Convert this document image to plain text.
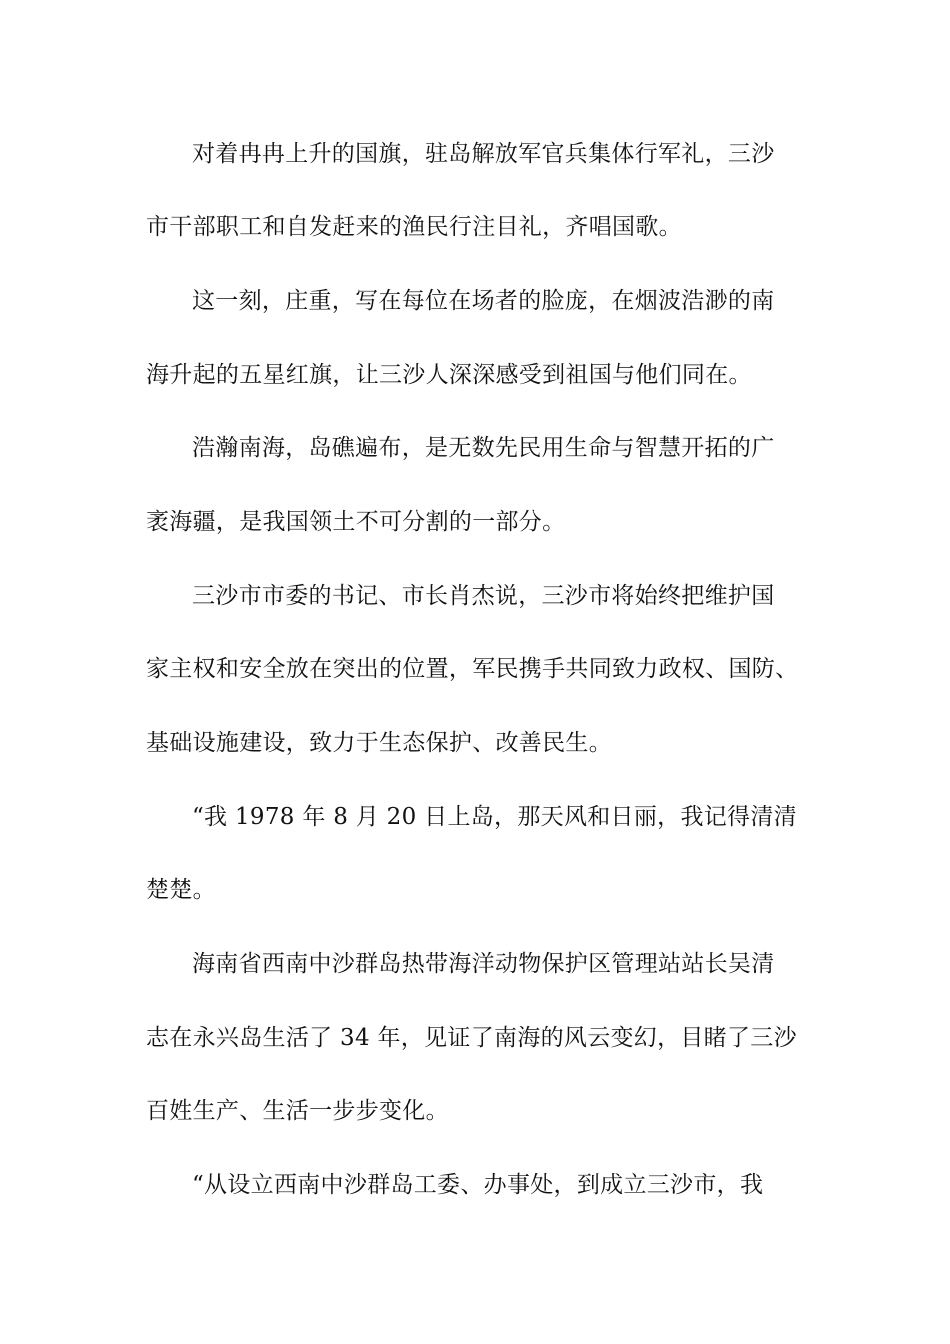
对着冉冉上升的国旗，驻岛解放军官兵集体行军礼，三沙
市干部职工和自发赶来的渔民行注目礼，齐唱国歌。
这一刻，庄重，写在每位在场者的脸庞，在烟波浩渺的南
海升起的五星红旗，让三沙人深深感受到祖国与他们同在。
浩瀚南海，岛礁遍布，是无数先民用生命与智慧开拓的广
袤海疆，是我国领土不可分割的一部分。
三沙市市委的书记、市长肖杰说，三沙市将始终把维护国
家主权和安全放在突出的位置，军民携手共同致力政权、国防、
基础设施建设，致力于生态保护、改善民生。
“我 1978 年 8 月 20 日上岛，那天风和日丽，我记得清清
楚楚。
海南省西南中沙群岛热带海洋动物保护区管理站站长吴清
志在永兴岛生活了 34 年，见证了南海的风云变幻，目睹了三沙
百姓生产、生活一步步变化。
“从设立西南中沙群岛工委、办事处，到成立三沙市，我
